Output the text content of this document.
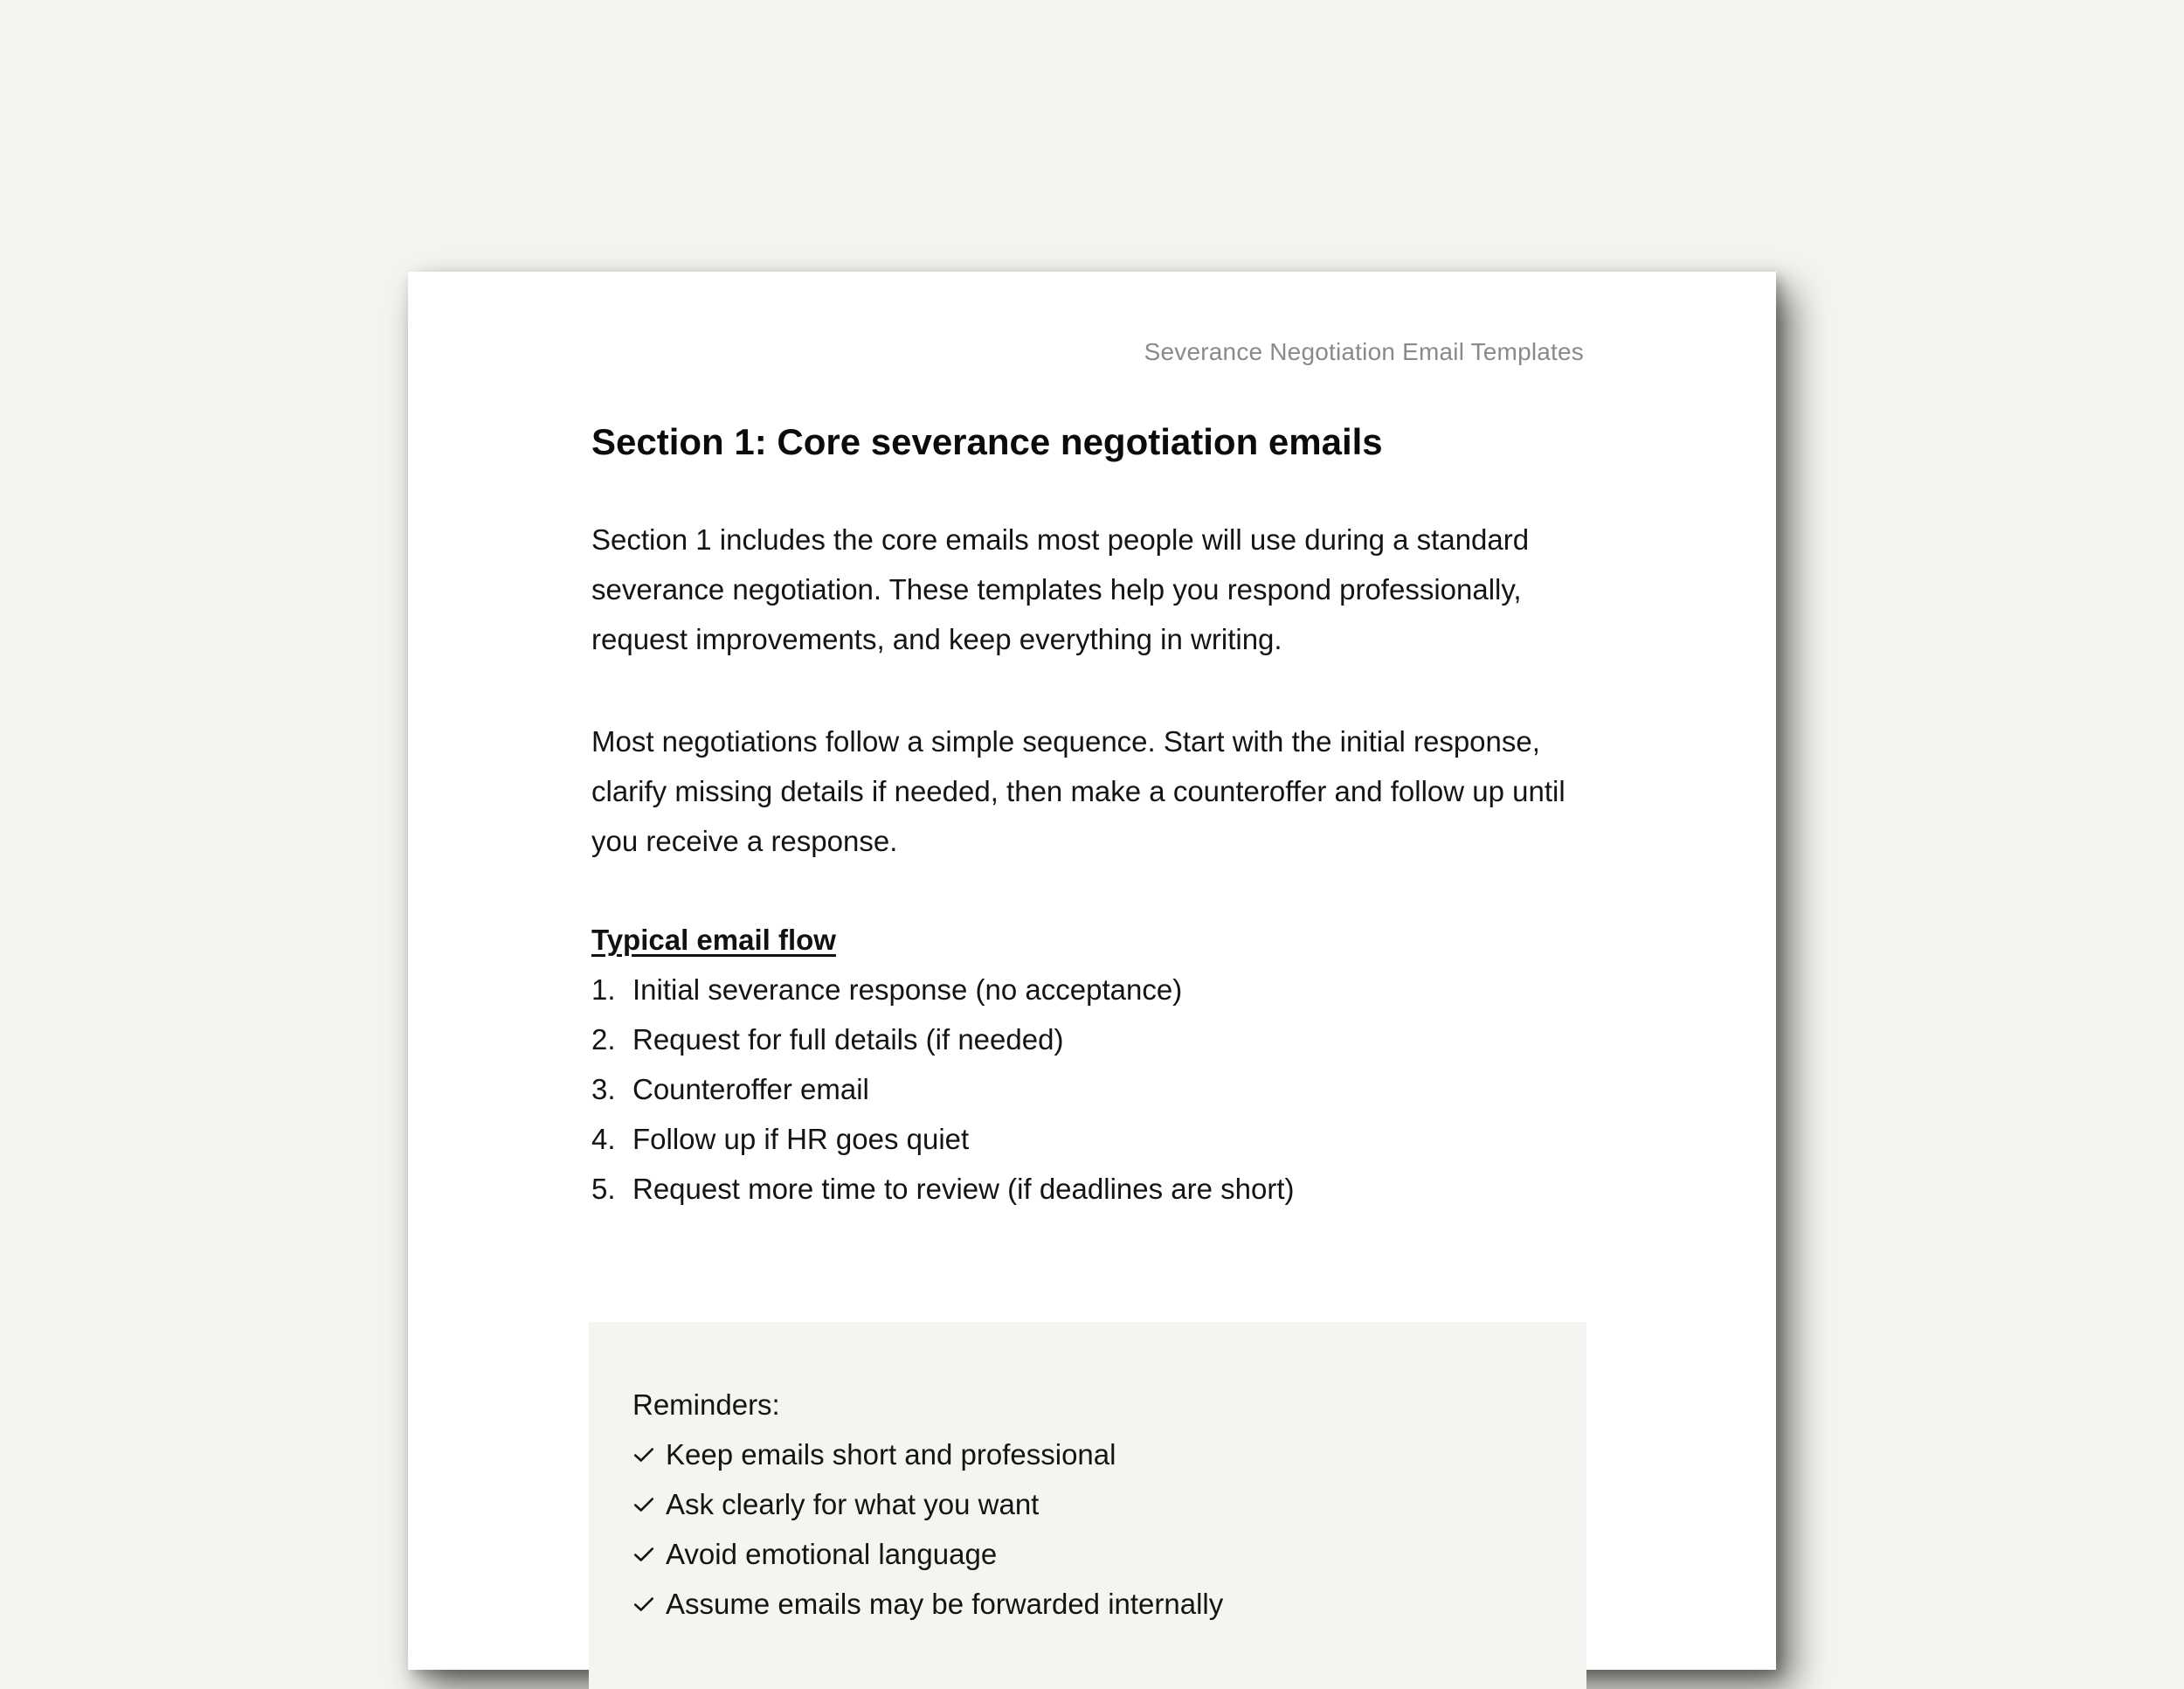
Severance Negotiation Email Templates
Section 1: Core severance negotiation emails

Section 1 includes the core emails most people will use during a standard severance negotiation. These templates help you respond professionally, request improvements, and keep everything in writing.

Most negotiations follow a simple sequence. Start with the initial response, clarify missing details if needed, then make a counteroffer and follow up until you receive a response.

Typical email flow
1. Initial severance response (no acceptance)
2. Request for full details (if needed)
3. Counteroffer email
4. Follow up if HR goes quiet
5. Request more time to review (if deadlines are short)
Reminders:
Keep emails short and professional
Ask clearly for what you want
Avoid emotional language
Assume emails may be forwarded internally
